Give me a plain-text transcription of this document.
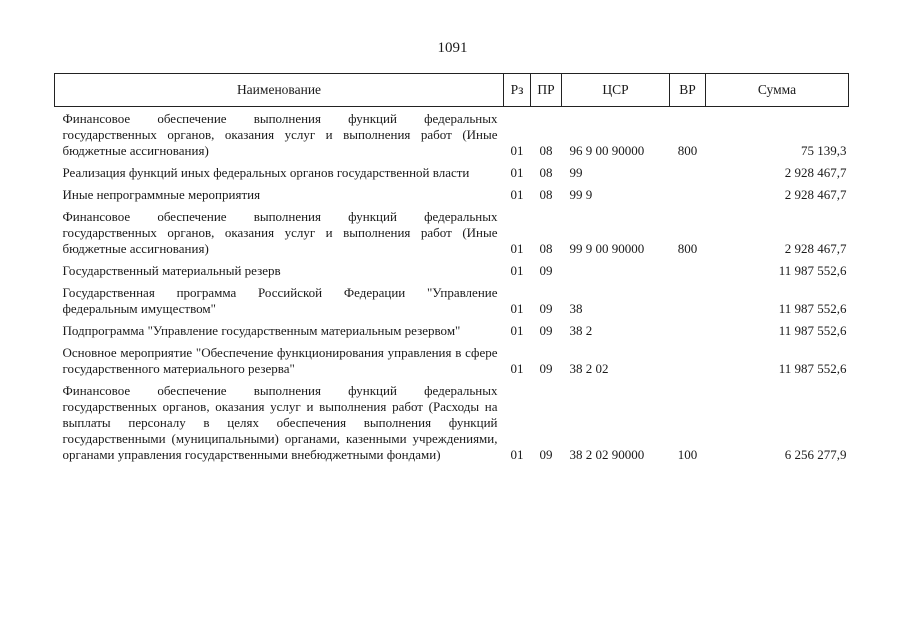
1091
Наименование	Рз	ПР	ЦСР	ВР	Сумма

Финансовое обеспечение выполнения функций федеральных государственных органов, оказания услуг и выполнения работ (Иные бюджетные ассигнования)	01	08	96 9 00 90000	800	75 139,3
Реализация функций иных федеральных органов государственной власти	01	08	99		2 928 467,7
Иные непрограммные мероприятия	01	08	99 9		2 928 467,7
Финансовое обеспечение выполнения функций федеральных государственных органов, оказания услуг и выполнения работ (Иные бюджетные ассигнования)	01	08	99 9 00 90000	800	2 928 467,7
Государственный материальный резерв	01	09			11 987 552,6
Государственная программа Российской Федерации "Управление федеральным имуществом"	01	09	38		11 987 552,6
Подпрограмма "Управление государственным материальным резервом"	01	09	38 2		11 987 552,6
Основное мероприятие "Обеспечение функционирования управления в сфере государственного материального резерва"	01	09	38 2 02		11 987 552,6
Финансовое обеспечение выполнения функций федеральных государственных органов, оказания услуг и выполнения работ (Расходы на выплаты персоналу в целях обеспечения выполнения функций государственными (муниципальными) органами, казенными учреждениями, органами управления государственными внебюджетными фондами)	01	09	38 2 02 90000	100	6 256 277,9
